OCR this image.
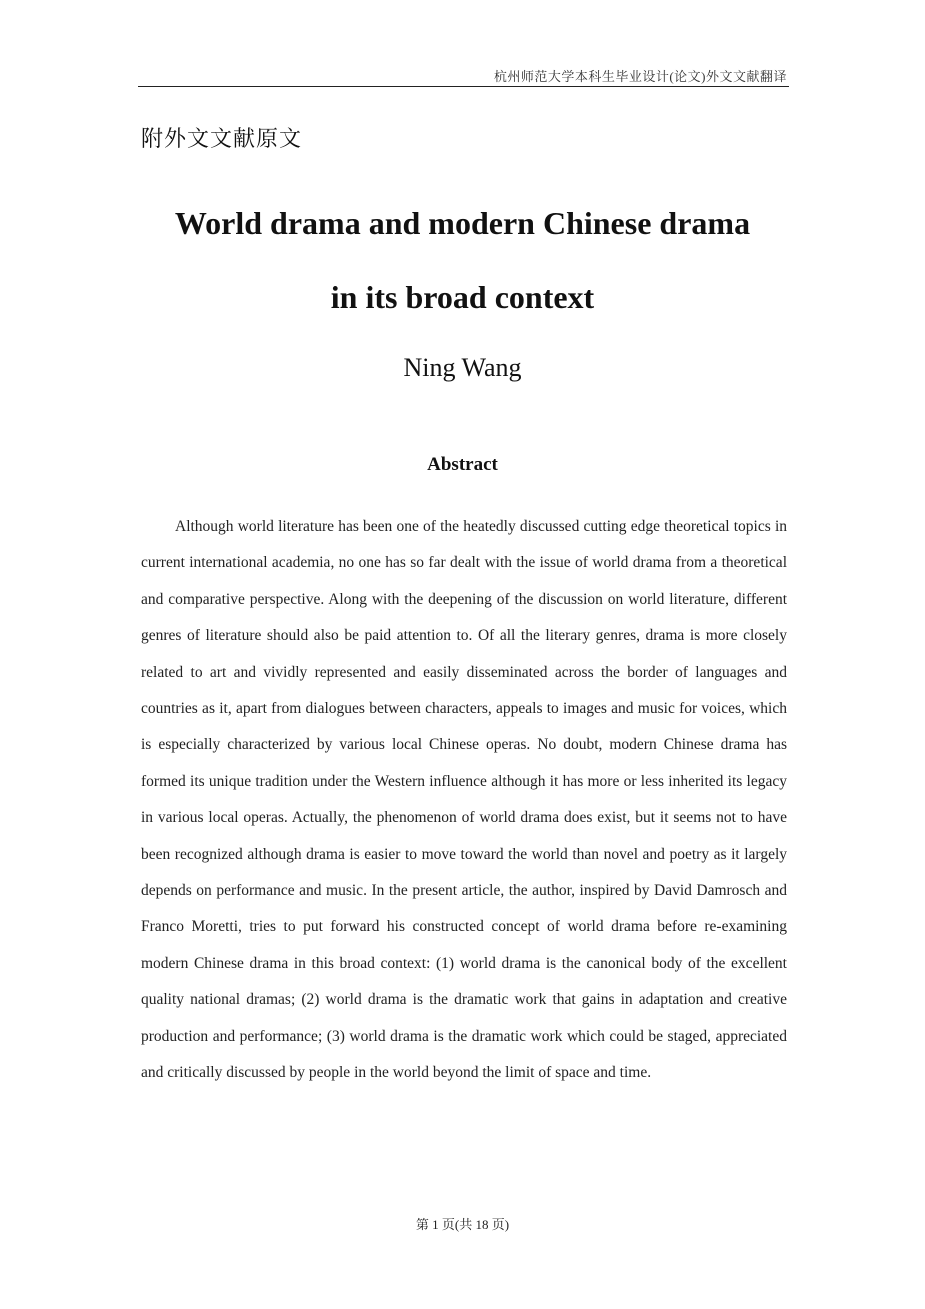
杭州师范大学本科生毕业设计(论文)外文文献翻译
附外文文献原文
World drama and modern Chinese drama
in its broad context
Ning Wang
Abstract

Although world literature has been one of the heatedly discussed cutting edge theoretical topics in current international academia, no one has so far dealt with the issue of world drama from a theoretical and comparative perspective. Along with the deepening of the discussion on world literature, different genres of literature should also be paid attention to. Of all the literary genres, drama is more closely related to art and vividly represented and easily disseminated across the border of languages and countries as it, apart from dialogues between characters, appeals to images and music for voices, which is especially characterized by various local Chinese operas. No doubt, modern Chinese drama has formed its unique tradition under the Western influence although it has more or less inherited its legacy in various local operas. Actually, the phenomenon of world drama does exist, but it seems not to have been recognized although drama is easier to move toward the world than novel and poetry as it largely depends on performance and music. In the present article, the author, inspired by David Damrosch and Franco Moretti, tries to put forward his constructed concept of world drama before re-examining modern Chinese drama in this broad context: (1) world drama is the canonical body of the excellent quality national dramas; (2) world drama is the dramatic work that gains in adaptation and creative production and performance; (3) world drama is the dramatic work which could be staged, appreciated and critically discussed by people in the world beyond the limit of space and time.

第 1 页(共 18 页)
